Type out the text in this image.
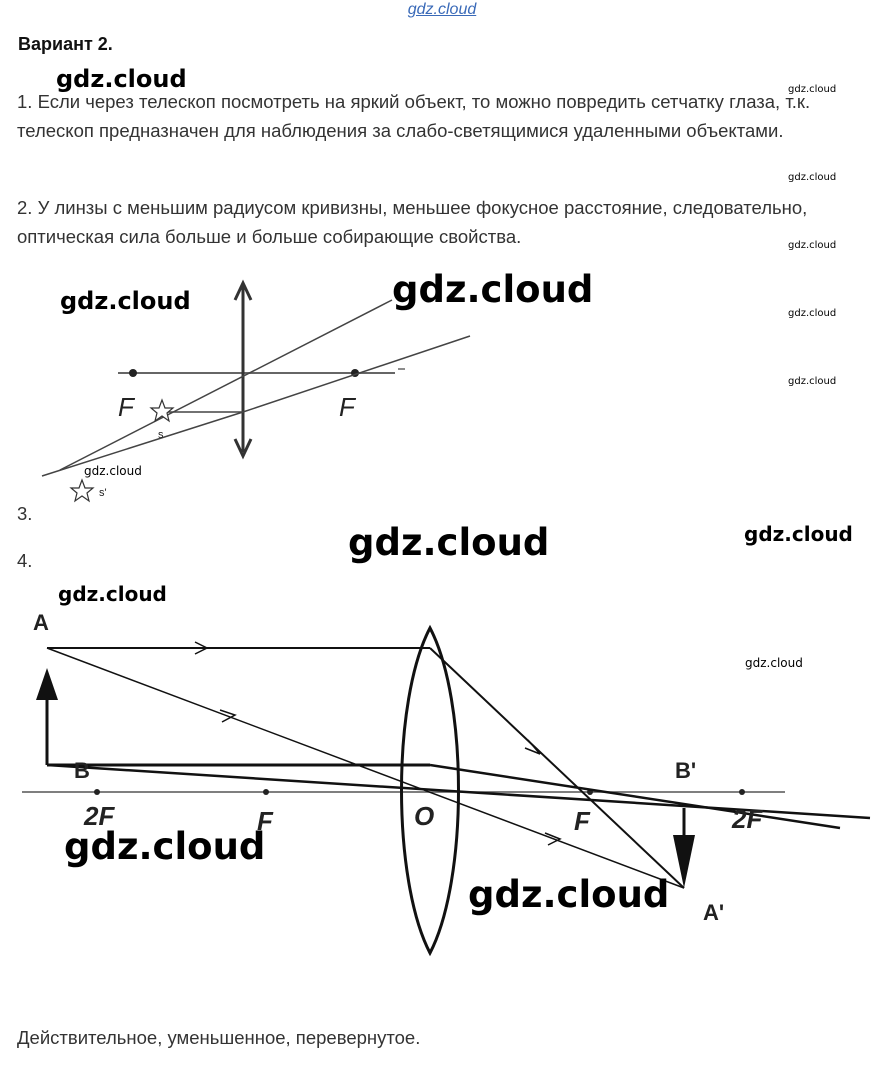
gdz.cloud
Вариант 2.
1. Если через телескоп посмотреть на яркий объект, то можно повредить сетчатку глаза, т.к. телескоп предназначен для наблюдения за слабо-светящимися удаленными объектами.
2. У линзы с меньшим радиусом кривизны, меньшее фокусное расстояние, следовательно, оптическая сила больше и больше собирающие свойства.
F	F
s
s'
3.
4.
A
B	B'
A'
2F	F	O	F	2F
Действительное, уменьшенное, перевернутое.
gdz.cloud	gdz.cloud
gdz.cloud
gdz.cloud
gdz.cloud	gdz.cloud
gdz.cloud
gdz.cloud
gdz.cloud
gdz.cloud	gdz.cloud
gdz.cloud
gdz.cloud
gdz.cloud
gdz.cloud
